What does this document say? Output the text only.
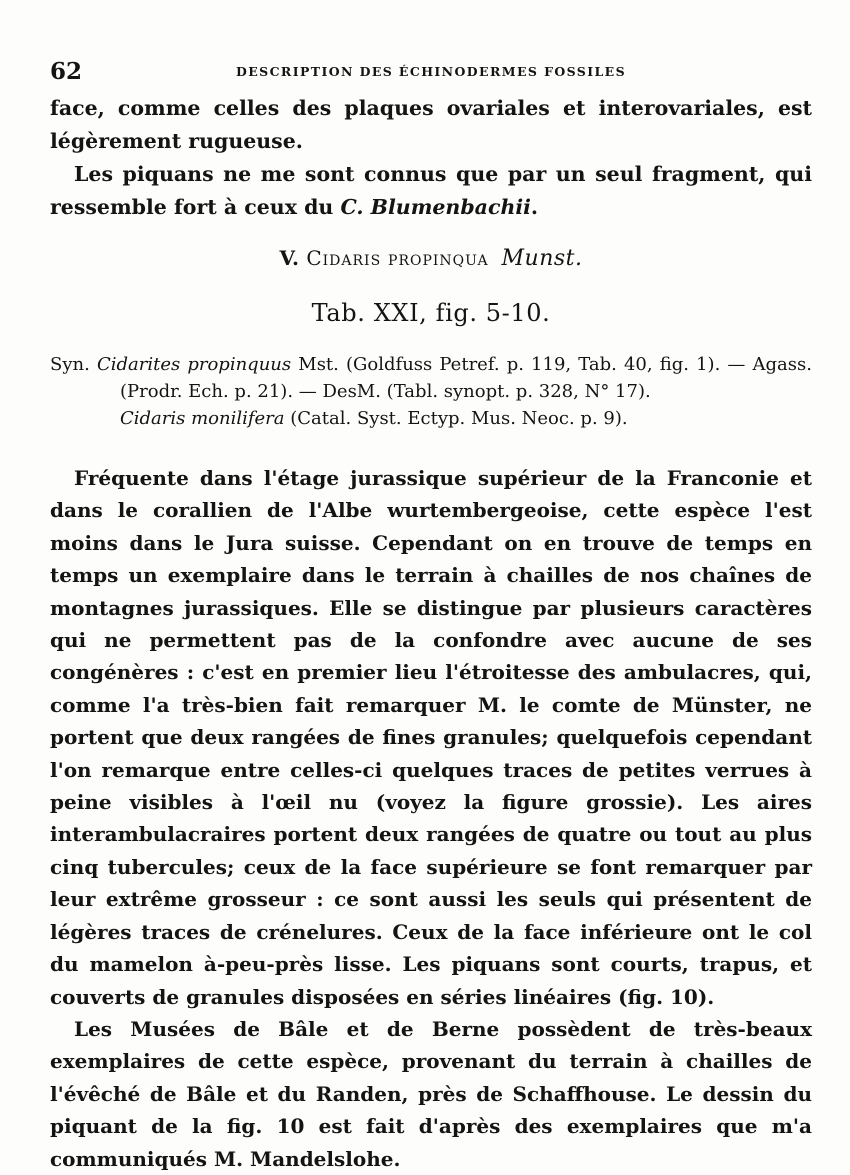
62	DESCRIPTION DES ÉCHINODERMES FOSSILES

face, comme celles des plaques ovariales et interovariales, est légèrement rugueuse.

Les piquans ne me sont connus que par un seul fragment, qui ressemble fort à ceux du C. Blumenbachii.

V. Cidaris propinqua Munst.
Tab. XXI, fig. 5-10.
Syn. Cidarites propinquus Mst. (Goldfuss Petref. p. 119, Tab. 40, fig. 1). — Agass.
(Prodr. Ech. p. 21). — DesM. (Tabl. synopt. p. 328, N° 17).
Cidaris monilifera (Catal. Syst. Ectyp. Mus. Neoc. p. 9).

Fréquente dans l'étage jurassique supérieur de la Franconie et dans le corallien de l'Albe wurtembergeoise, cette espèce l'est moins dans le Jura suisse. Cependant on en trouve de temps en temps un exemplaire dans le terrain à chailles de nos chaînes de montagnes jurassiques. Elle se distingue par plusieurs caractères qui ne permettent pas de la confondre avec aucune de ses congénères : c'est en premier lieu l'étroitesse des ambulacres, qui, comme l'a très-bien fait remarquer M. le comte de Münster, ne portent que deux rangées de fines granules; quelquefois cependant l'on remarque entre celles-ci quelques traces de petites verrues à peine visibles à l'œil nu (voyez la figure grossie). Les aires interambulacraires portent deux rangées de quatre ou tout au plus cinq tubercules; ceux de la face supérieure se font remarquer par leur extrême grosseur : ce sont aussi les seuls qui présentent de légères traces de crénelures. Ceux de la face inférieure ont le col du mamelon à-peu-près lisse. Les piquans sont courts, trapus, et couverts de granules disposées en séries linéaires (fig. 10).

Les Musées de Bâle et de Berne possèdent de très-beaux exemplaires de cette espèce, provenant du terrain à chailles de l'évêché de Bâle et du Randen, près de Schaffhouse. Le dessin du piquant de la fig. 10 est fait d'après des exemplaires que m'a communiqués M. Mandelslohe.
